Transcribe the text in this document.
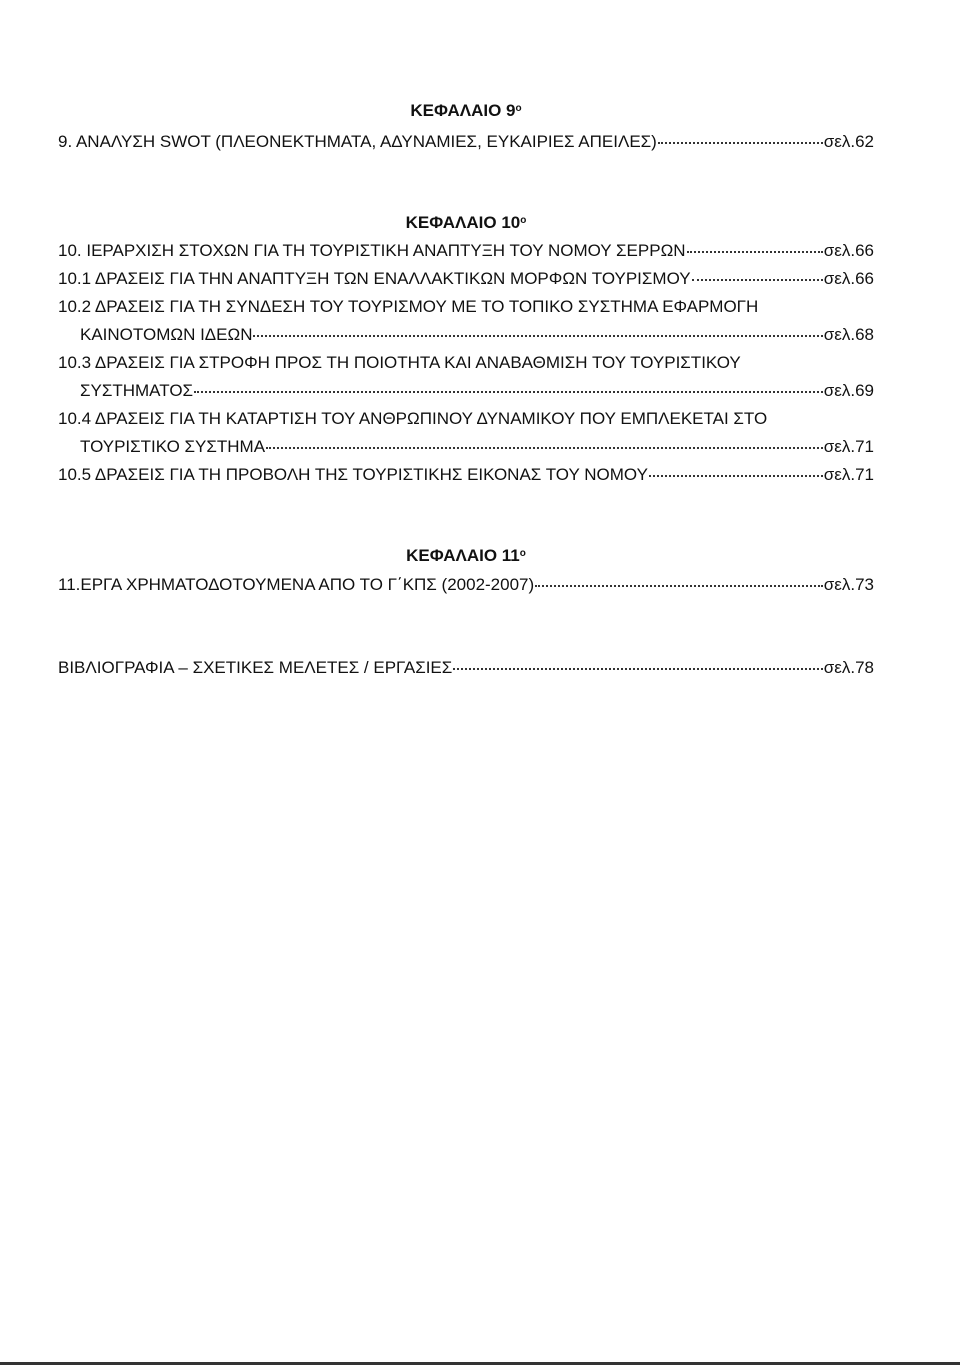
ΚΕΦΑΛΑΙΟ $9^o$
9. ΑΝΑΛΥΣΗ SWOT (ΠΛΕΟΝΕΚΤΗΜΑΤΑ, ΑΔΥΝΑΜΙΕΣ, ΕΥΚΑΙΡΙΕΣ ΑΠΕΙΛΕΣ)	σελ.62
ΚΕΦΑΛΑΙΟ $10^o$
10. ΙΕΡΑΡΧΙΣΗ ΣΤΟΧΩΝ ΓΙΑ ΤΗ ΤΟΥΡΙΣΤΙΚΗ ΑΝΑΠΤΥΞΗ ΤΟΥ ΝΟΜΟΥ ΣΕΡΡΩΝ	σελ.66
10.1 ΔΡΑΣΕΙΣ ΓΙΑ ΤΗΝ ΑΝΑΠΤΥΞΗ ΤΩΝ ΕΝΑΛΛΑΚΤΙΚΩΝ ΜΟΡΦΩΝ ΤΟΥΡΙΣΜΟΥ	σελ.66
10.2 ΔΡΑΣΕΙΣ ΓΙΑ ΤΗ ΣΥΝΔΕΣΗ ΤΟΥ ΤΟΥΡΙΣΜΟΥ ΜΕ ΤΟ ΤΟΠΙΚΟ ΣΥΣΤΗΜΑ ΕΦΑΡΜΟΓΗ
ΚΑΙΝΟΤΟΜΩΝ ΙΔΕΩΝ	σελ.68
10.3 ΔΡΑΣΕΙΣ ΓΙΑ ΣΤΡΟΦΗ ΠΡΟΣ ΤΗ ΠΟΙΟΤΗΤΑ ΚΑΙ ΑΝΑΒΑΘΜΙΣΗ ΤΟΥ ΤΟΥΡΙΣΤΙΚΟΥ
ΣΥΣΤΗΜΑΤΟΣ	σελ.69
10.4 ΔΡΑΣΕΙΣ ΓΙΑ ΤΗ ΚΑΤΑΡΤΙΣΗ ΤΟΥ ΑΝΘΡΩΠΙΝΟΥ ΔΥΝΑΜΙΚΟΥ ΠΟΥ ΕΜΠΛΕΚΕΤΑΙ ΣΤΟ
ΤΟΥΡΙΣΤΙΚΟ ΣΥΣΤΗΜΑ	σελ.71
10.5 ΔΡΑΣΕΙΣ ΓΙΑ ΤΗ ΠΡΟΒΟΛΗ ΤΗΣ ΤΟΥΡΙΣΤΙΚΗΣ ΕΙΚΟΝΑΣ ΤΟΥ ΝΟΜΟΥ	σελ.71
ΚΕΦΑΛΑΙΟ $11^o$
11.ΕΡΓΑ ΧΡΗΜΑΤΟΔΟΤΟΥΜΕΝΑ ΑΠΟ ΤΟ Γ΄ΚΠΣ (2002-2007)	σελ.73
ΒΙΒΛΙΟΓΡΑΦΙΑ – ΣΧΕΤΙΚΕΣ ΜΕΛΕΤΕΣ / ΕΡΓΑΣΙΕΣ	σελ.78
